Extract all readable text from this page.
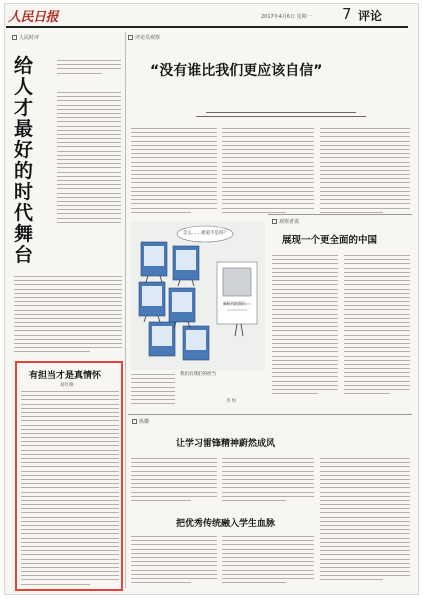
人民日报	2017年4月6日 星期一 7 评论
人民时评	评论员观察
给人才最好的时代舞台
有担当才是真情怀
易红峰
“没有谁比我们更应该自信”
观察者说
展现一个更全面的中国
怎么……难道不是吗？
新时代的我们
我们有我们的担当
李 恒
纵横
让学习雷锋精神蔚然成风
把优秀传统融入学生血脉
